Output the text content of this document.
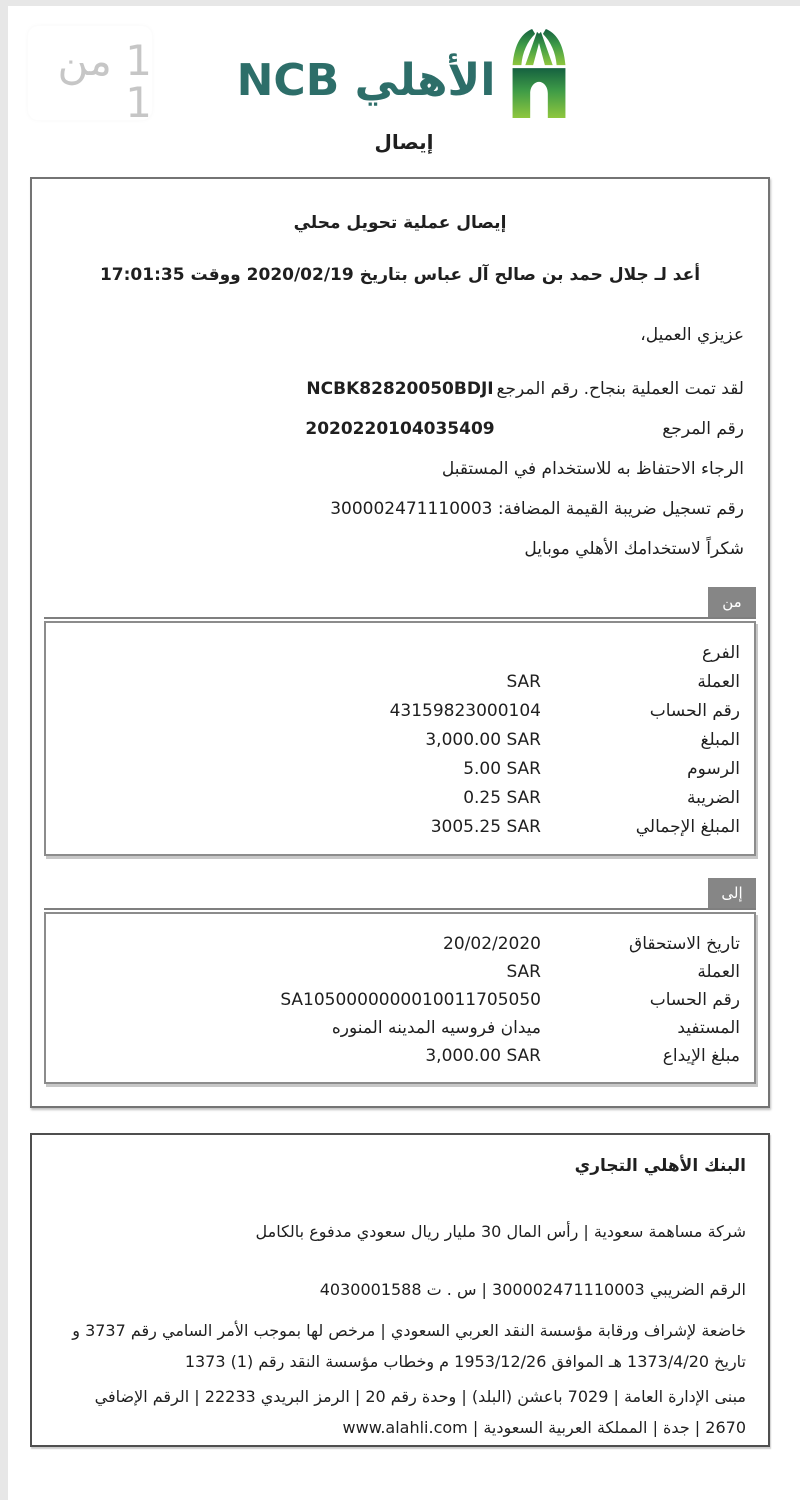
1 من 1 الأهلي NCB
إيصال
إيصال عملية تحويل محلي
أعد لـ جلال حمد بن صالح آل عباس بتاريخ 2020/02/19 ووقت 17:01:35
عزيزي العميل،
NCBK82820050BDJI لقد تمت العملية بنجاح. رقم المرجع
2020220104035409	رقم المرجع
الرجاء الاحتفاظ به للاستخدام في المستقبل
رقم تسجيل ضريبة القيمة المضافة: 300002471110003
شكراً لاستخدامك الأهلي موبايل
من
الفرع
العملة
SAR
رقم الحساب
43159823000104
المبلغ
3,000.00 SAR
الرسوم
5.00 SAR
الضريبة
0.25 SAR
المبلغ الإجمالي
3005.25 SAR
إلى
تاريخ الاستحقاق
20/02/2020
العملة
SAR
رقم الحساب
SA1050000000010011705050
المستفيد
ميدان فروسيه المدينه المنوره
مبلغ الإيداع
3,000.00 SAR
البنك الأهلي التجاري
شركة مساهمة سعودية | رأس المال 30 مليار ريال سعودي مدفوع بالكامل
الرقم الضريبي 300002471110003 | س . ت 4030001588
خاضعة لإشراف ورقابة مؤسسة النقد العربي السعودي | مرخص لها بموجب الأمر السامي رقم 3737 و تاريخ 1373/4/20 هـ الموافق 1953/12/26 م وخطاب مؤسسة النقد رقم (1) 1373
مبنى الإدارة العامة | 7029 باعشن (البلد) | وحدة رقم 20 | الرمز البريدي 22233 | الرقم الإضافي 2670 | جدة | المملكة العربية السعودية | www.alahli.com
